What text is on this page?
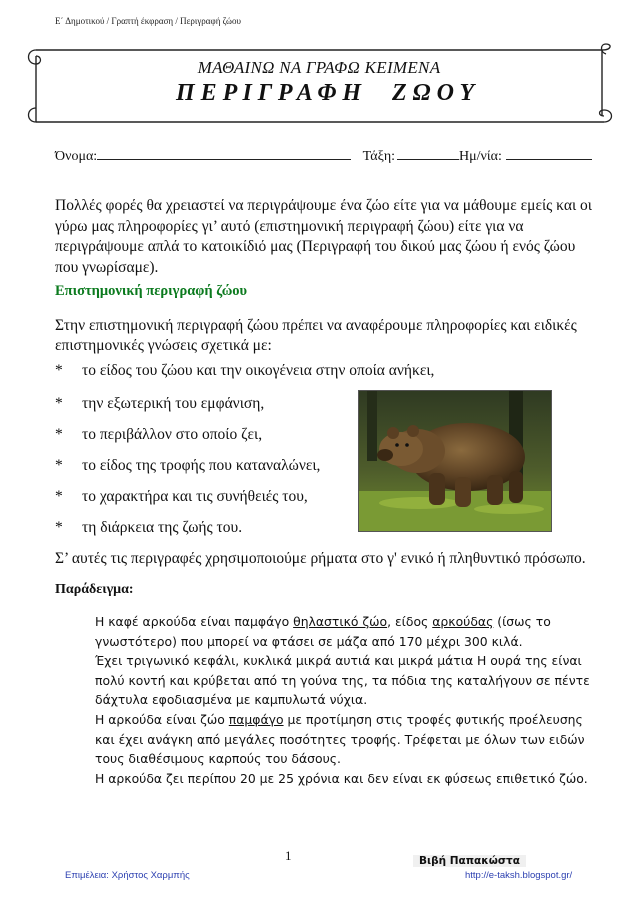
Ε΄ Δημοτικού / Γραπτή έκφραση / Περιγραφή ζώου
ΜΑΘΑΙΝΩ ΝΑ ΓΡΑΦΩ ΚΕΙΜΕΝΑ
Π Ε Ρ Ι Γ Ρ Α Φ Η Ζ Ω Ο Υ
Όνομα:	Τάξη:	Ημ/νία:
Πολλές φορές θα χρειαστεί να περιγράψουμε ένα ζώο είτε για να μάθουμε εμείς και οι γύρω μας πληροφορίες γι’ αυτό (επιστημονική περιγραφή ζώου) είτε για να περιγράψουμε απλά το κατοικίδιό μας (Περιγραφή του δικού μας ζώου ή ενός ζώου που γνωρίσαμε).
Επιστημονική περιγραφή ζώου
Στην επιστημονική περιγραφή ζώου πρέπει να αναφέρουμε πληροφορίες και ειδικές επιστημονικές γνώσεις σχετικά με:
* το είδος του ζώου και την οικογένεια στην οποία ανήκει,
* την εξωτερική του εμφάνιση,
* το περιβάλλον στο οποίο ζει,
* το είδος της τροφής που καταναλώνει,
* το χαρακτήρα και τις συνήθειές του,
* τη διάρκεια της ζωής του.
Σ’ αυτές τις περιγραφές χρησιμοποιούμε ρήματα στο γ' ενικό ή πληθυντικό πρόσωπο.
Παράδειγμα:

Η καφέ αρκούδα είναι παμφάγο θηλαστικό ζώο, είδος αρκούδας (ίσως το γνωστότερο) που μπορεί να φτάσει σε μάζα από 170 μέχρι 300 κιλά.

Έχει τριγωνικό κεφάλι, κυκλικά μικρά αυτιά και μικρά μάτια Η ουρά της είναι πολύ κοντή και κρύβεται από τη γούνα της, τα πόδια της καταλήγουν σε πέντε δάχτυλα εφοδιασμένα με καμπυλωτά νύχια.

Η αρκούδα είναι ζώο παμφάγο με προτίμηση στις τροφές φυτικής προέλευσης και έχει ανάγκη από μεγάλες ποσότητες τροφής. Τρέφεται με όλων των ειδών τους διαθέσιμους καρπούς του δάσους.

Η αρκούδα ζει περίπου 20 με 25 χρόνια και δεν είναι εκ φύσεως επιθετικό ζώο.

1	Βιβή Παπακώστα
Επιμέλεια: Χρήστος Χαρμπής	http://e-taksh.blogspot.gr/
